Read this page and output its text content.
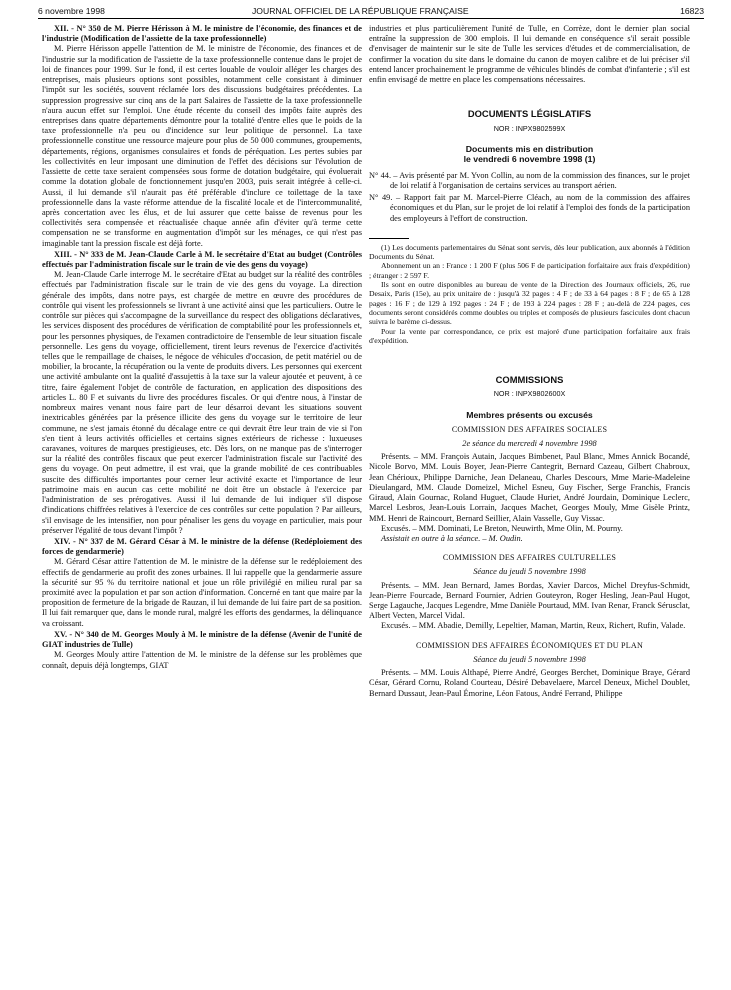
6 novembre 1998	JOURNAL OFFICIEL DE LA RÉPUBLIQUE FRANÇAISE	16823

XII. - N° 350 de M. Pierre Hérisson à M. le ministre de l'économie, des finances et de l'industrie (Modification de l'assiette de la taxe professionnelle)

M. Pierre Hérisson appelle l'attention de M. le ministre de l'économie, des finances et de l'industrie sur la modification de l'assiette de la taxe professionnelle contenue dans le projet de loi de finances pour 1999. Sur le fond, il est certes louable de vouloir alléger les charges des entreprises, mais plusieurs options sont possibles, notamment celle consistant à diminuer l'impôt sur les sociétés, souvent réclamée lors des discussions budgétaires précédentes. La suppression progressive sur cinq ans de la part Salaires de l'assiette de la taxe professionnelle n'aura aucun effet sur l'emploi. Une étude récente du conseil des impôts faite auprès des entreprises dans quatre départements démontre pour la totalité d'entre elles que le poids de la taxe professionnelle n'a peu ou d'incidence sur leur politique de personnel. La taxe professionnelle constitue une ressource majeure pour plus de 50 000 communes, groupements, départements, régions, organismes consulaires et fonds de péréquation. Les pertes subies par les collectivités en leur imposant une diminution de l'effet des décisions sur l'évolution de l'assiette de cette taxe seraient compensées sous forme de dotation budgétaire, qui évoluerait comme la dotation globale de fonctionnement jusqu'en 2003, puis serait intégrée à celle-ci. Aussi, il lui demande s'il n'aurait pas été préférable d'inclure ce toilettage de la taxe professionnelle dans la vaste réforme attendue de la fiscalité locale et de l'intercommunalité, après concertation avec les élus, et de lui assurer que cette baisse de revenus pour les collectivités sera compensée et réactualisée chaque année afin d'éviter qu'à terme cette compensation ne se transforme en augmentation d'impôt sur les ménages, ce qui n'est pas imaginable tant la pression fiscale est déjà forte.

XIII. - N° 333 de M. Jean-Claude Carle à M. le secrétaire d'Etat au budget (Contrôles effectués par l'administration fiscale sur le train de vie des gens du voyage)

M. Jean-Claude Carle interroge M. le secrétaire d'Etat au budget sur la réalité des contrôles effectués par l'administration fiscale sur le train de vie des gens du voyage. La direction générale des impôts, dans notre pays, est chargée de mettre en œuvre des procédures de contrôle qui visent les professionnels se livrant à une activité ainsi que les particuliers. Outre le contrôle sur pièces qui s'accompagne de la surveillance du respect des obligations déclaratives, les services disposent des procédures de vérification de comptabilité pour les professionnels et, pour les personnes physiques, de l'examen contradictoire de l'ensemble de leur situation fiscale personnelle. Les gens du voyage, officiellement, tirent leurs revenus de l'exercice d'activités telles que le rempaillage de chaises, le négoce de véhicules d'occasion, de petit matériel ou de mobilier, la brocante, la récupération ou la vente de produits divers. Les personnes qui exercent une activité ambulante ont la qualité d'assujettis à la taxe sur la valeur ajoutée et peuvent, à ce titre, faire également l'objet de contrôle de facturation, en application des dispositions des articles L. 80 F et suivants du livre des procédures fiscales. Or qui d'entre nous, à l'instar de nombreux maires venant nous faire part de leur désarroi devant les situations souvent inextricables générées par la présence illicite des gens du voyage sur le territoire de leur commune, ne s'est jamais étonné du décalage entre ce qui devrait être leur train de vie si l'on s'en tient à leurs activités officielles et certains signes extérieurs de richesse : luxueuses caravanes, voitures de marques prestigieuses, etc. Dès lors, on ne manque pas de s'interroger sur la réalité des contrôles fiscaux que peut exercer l'administration fiscale sur l'activité des gens du voyage. On peut admettre, il est vrai, que la grande mobilité de ces contribuables suscite des difficultés importantes pour cerner leur activité exacte et l'importance de leur patrimoine mais en aucun cas cette mobilité ne doit être un obstacle à l'exercice par l'administration de ses prérogatives. Aussi il lui demande de lui indiquer s'il dispose d'indications chiffrées relatives à l'exercice de ces contrôles sur cette population ? Par ailleurs, s'il envisage de les intensifier, non pour pénaliser les gens du voyage en particulier, mais pour préserver l'égalité de tous devant l'impôt ?

XIV. - N° 337 de M. Gérard César à M. le ministre de la défense (Redéploiement des forces de gendarmerie)

M. Gérard César attire l'attention de M. le ministre de la défense sur le redéploiement des effectifs de gendarmerie au profit des zones urbaines. Il lui rappelle que la gendarmerie assure la sécurité sur 95 % du territoire national et joue un rôle privilégié en milieu rural par sa proximité avec la population et par son action d'information. Concerné en tant que maire par la proposition de fermeture de la brigade de Rauzan, il lui demande de lui faire part de sa position. Il lui fait remarquer que, dans le monde rural, malgré les efforts des gendarmes, la délinquance va croissant.

XV. - N° 340 de M. Georges Mouly à M. le ministre de la défense (Avenir de l'unité de GIAT industries de Tulle)

M. Georges Mouly attire l'attention de M. le ministre de la défense sur les problèmes que connaît, depuis déjà longtemps, GIAT

industries et plus particulièrement l'unité de Tulle, en Corrèze, dont le dernier plan social entraîne la suppression de 300 emplois. Il lui demande en conséquence s'il serait possible d'envisager de maintenir sur le site de Tulle les services d'études et de commercialisation, de confirmer la vocation du site dans le domaine du canon de moyen calibre et de lui préciser s'il entend lancer prochainement le programme de véhicules blindés de combat d'infanterie ; s'il est enfin envisagé de mettre en place les compensations nécessaires.

DOCUMENTS LÉGISLATIFS

NOR : INPX9802599X

Documents mis en distribution

le vendredi 6 novembre 1998 (1)

N° 44. – Avis présenté par M. Yvon Collin, au nom de la commission des finances, sur le projet de loi relatif à l'organisation de certains services au transport aérien.

N° 49. – Rapport fait par M. Marcel-Pierre Cléach, au nom de la commission des affaires économiques et du Plan, sur le projet de loi relatif à l'emploi des fonds de la participation des employeurs à l'effort de construction.

(1) Les documents parlementaires du Sénat sont servis, dès leur publication, aux abonnés à l'édition Documents du Sénat.

Abonnement un an : France : 1 200 F (plus 506 F de participation forfaitaire aux frais d'expédition) ; étranger : 2 597 F.

Ils sont en outre disponibles au bureau de vente de la Direction des Journaux officiels, 26, rue Desaix, Paris (15e), au prix unitaire de : jusqu'à 32 pages : 4 F ; de 33 à 64 pages : 8 F ; de 65 à 128 pages : 16 F ; de 129 à 192 pages : 24 F ; de 193 à 224 pages : 28 F ; au-delà de 224 pages, ces documents seront considérés comme doubles ou triples et composés de plusieurs fascicules dont chacun suivra le barème ci-dessus.

Pour la vente par correspondance, ce prix est majoré d'une participation forfaitaire aux frais d'expédition.

COMMISSIONS

NOR : INPX9802600X

Membres présents ou excusés

COMMISSION DES AFFAIRES SOCIALES

2e séance du mercredi 4 novembre 1998

Présents. – MM. François Autain, Jacques Bimbenet, Paul Blanc, Mmes Annick Bocandé, Nicole Borvo, MM. Louis Boyer, Jean-Pierre Cantegrit, Bernard Cazeau, Gilbert Chabroux, Jean Chérioux, Philippe Darniche, Jean Delaneau, Charles Descours, Mme Marie-Madeleine Dieulangard, MM. Claude Domeizel, Michel Esneu, Guy Fischer, Serge Franchis, Francis Giraud, Alain Gournac, Roland Huguet, Claude Huriet, André Jourdain, Dominique Leclerc, Marcel Lesbros, Jean-Louis Lorrain, Jacques Machet, Georges Mouly, Mme Gisèle Printz, MM. Henri de Raincourt, Bernard Seillier, Alain Vasselle, Guy Vissac.

Excusés. – MM. Dominati, Le Breton, Neuwirth, Mme Olin, M. Pourny.

Assistait en outre à la séance. – M. Oudin.

COMMISSION DES AFFAIRES CULTURELLES

Séance du jeudi 5 novembre 1998

Présents. – MM. Jean Bernard, James Bordas, Xavier Darcos, Michel Dreyfus-Schmidt, Jean-Pierre Fourcade, Bernard Fournier, Adrien Gouteyron, Roger Hesling, Jean-Paul Hugot, Serge Lagauche, Jacques Legendre, Mme Danièle Pourtaud, MM. Ivan Renar, Franck Sérusclat, Albert Vecten, Marcel Vidal.

Excusés. – MM. Abadie, Demilly, Lepeltier, Maman, Martin, Reux, Richert, Rufin, Valade.

COMMISSION DES AFFAIRES ÉCONOMIQUES ET DU PLAN

Séance du jeudi 5 novembre 1998

Présents. – MM. Louis Althapé, Pierre André, Georges Berchet, Dominique Braye, Gérard César, Gérard Cornu, Roland Courteau, Désiré Debavelaere, Marcel Deneux, Michel Doublet, Bernard Dussaut, Jean-Paul Émorine, Léon Fatous, André Ferrand, Philippe
